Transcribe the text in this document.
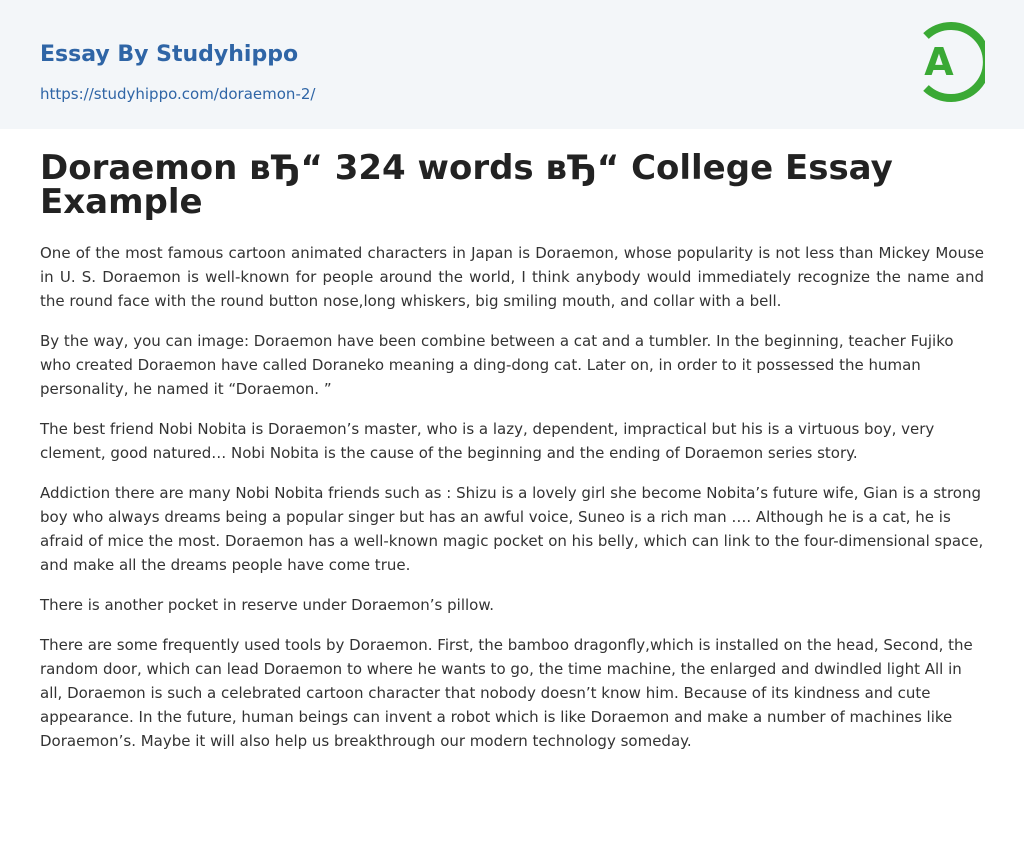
Essay By Studyhippo
https://studyhippo.com/doraemon-2/
A
Doraemon вЂ“ 324 words вЂ“ College Essay Example

One of the most famous cartoon animated characters in Japan is Doraemon, whose popularity is not less than Mickey Mouse in U. S. Doraemon is well-known for people around the world, I think anybody would immediately recognize the name and the round face with the round button nose,long whiskers, big smiling mouth, and collar with a bell.

By the way, you can image: Doraemon have been combine between a cat and a tumbler. In the beginning, teacher Fujiko who created Doraemon have called Doraneko meaning a ding-dong cat. Later on, in order to it possessed the human personality, he named it “Doraemon. ”

The best friend Nobi Nobita is Doraemon’s master, who is a lazy, dependent, impractical but his is a virtuous boy, very clement, good natured… Nobi Nobita is the cause of the beginning and the ending of Doraemon series story.

Addiction there are many Nobi Nobita friends such as : Shizu is a lovely girl she become Nobita’s future wife, Gian is a strong boy who always dreams being a popular singer but has an awful voice, Suneo is a rich man …. Although he is a cat, he is afraid of mice the most. Doraemon has a well-known magic pocket on his belly, which can link to the four-dimensional space, and make all the dreams people have come true.

There is another pocket in reserve under Doraemon’s pillow.

There are some frequently used tools by Doraemon. First, the bamboo dragonfly,which is installed on the head, Second, the random door, which can lead Doraemon to where he wants to go, the time machine, the enlarged and dwindled light All in all, Doraemon is such a celebrated cartoon character that nobody doesn’t know him. Because of its kindness and cute appearance. In the future, human beings can invent a robot which is like Doraemon and make a number of machines like Doraemon’s. Maybe it will also help us breakthrough our modern technology someday.
